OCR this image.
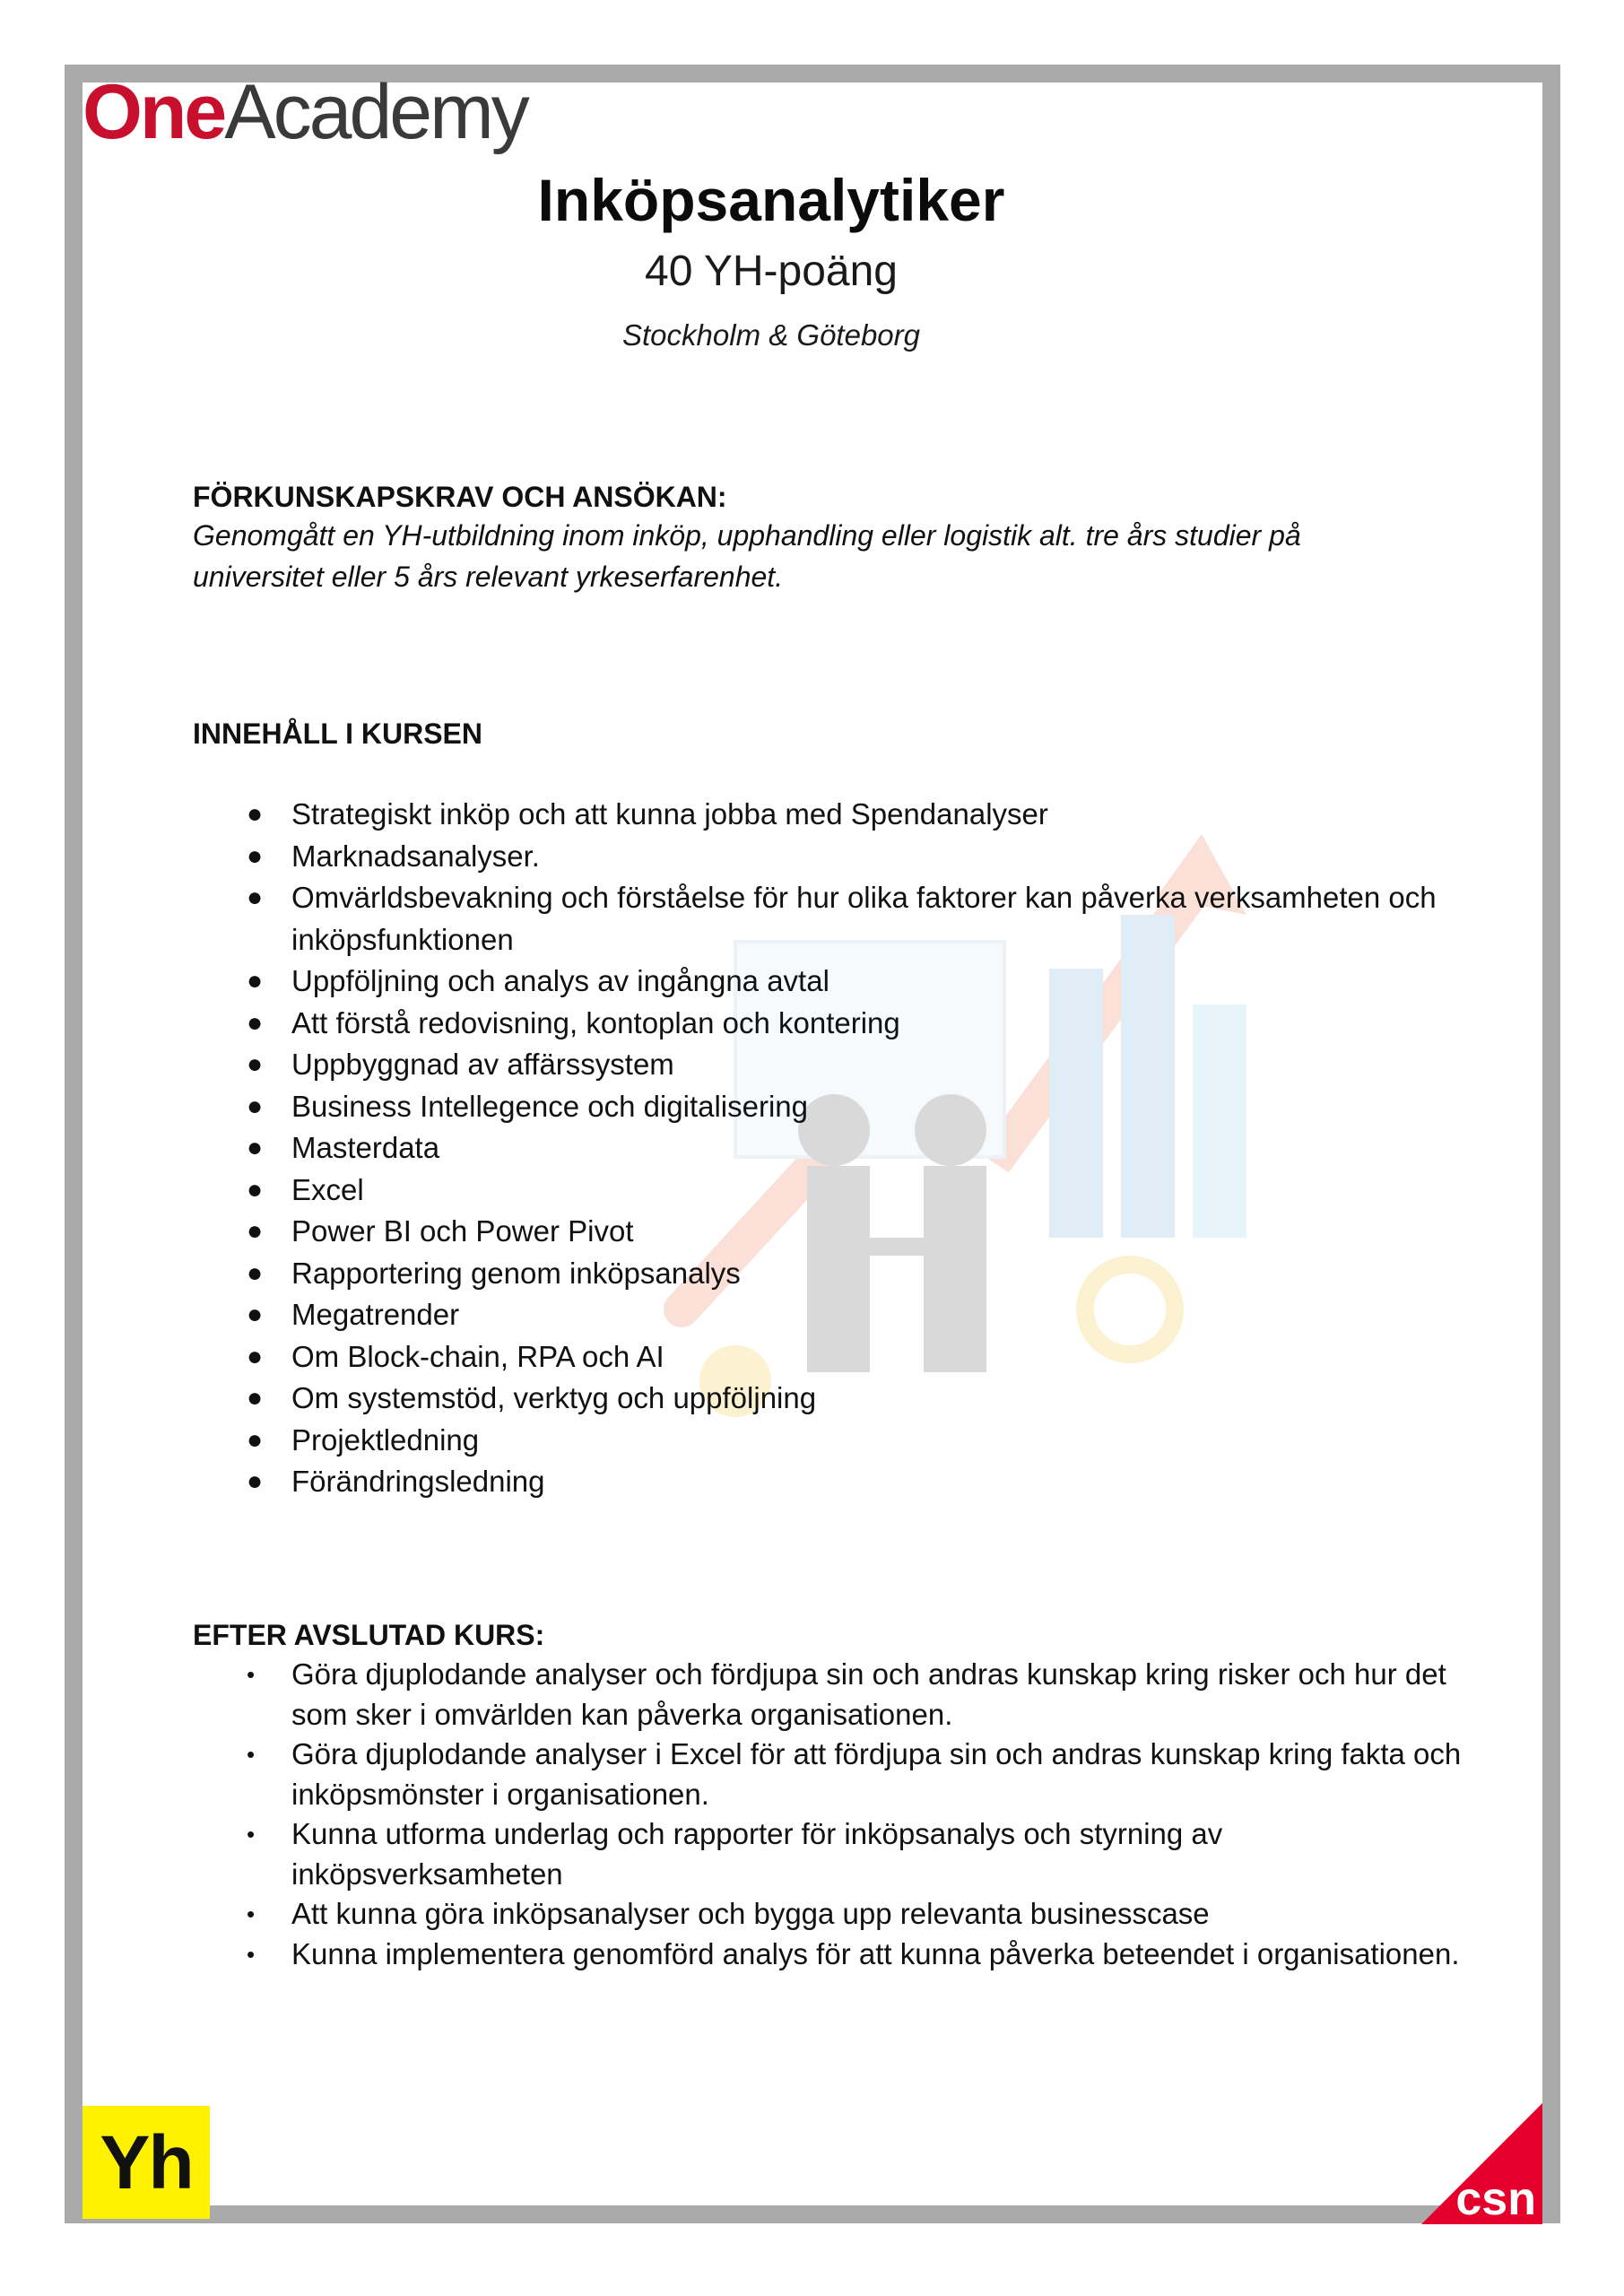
OneAcademy
Inköpsanalytiker
40 YH-poäng
Stockholm & Göteborg
FÖRKUNSKAPSKRAV OCH ANSÖKAN:
Genomgått en YH-utbildning inom inköp, upphandling eller logistik alt. tre års studier på
universitet eller 5 års relevant yrkeserfarenhet.
INNEHÅLL I KURSEN
● Strategiskt inköp och att kunna jobba med Spendanalyser
● Marknadsanalyser.
● Omvärldsbevakning och förståelse för hur olika faktorer kan påverka verksamheten och inköpsfunktionen
● Uppföljning och analys av ingångna avtal
● Att förstå redovisning, kontoplan och kontering
● Uppbyggnad av affärssystem
● Business Intellegence och digitalisering
● Masterdata
● Excel
● Power BI och Power Pivot
● Rapportering genom inköpsanalys
● Megatrender
● Om Block-chain, RPA och AI
● Om systemstöd, verktyg och uppföljning
● Projektledning
● Förändringsledning
EFTER AVSLUTAD KURS:
• Göra djuplodande analyser och fördjupa sin och andras kunskap kring risker och hur det som sker i omvärlden kan påverka organisationen.
• Göra djuplodande analyser i Excel för att fördjupa sin och andras kunskap kring fakta och inköpsmönster i organisationen.
• Kunna utforma underlag och rapporter för inköpsanalys och styrning av inköpsverksamheten
• Att kunna göra inköpsanalyser och bygga upp relevanta businesscase
• Kunna implementera genomförd analys för att kunna påverka beteendet i organisationen.
Yh	csn
